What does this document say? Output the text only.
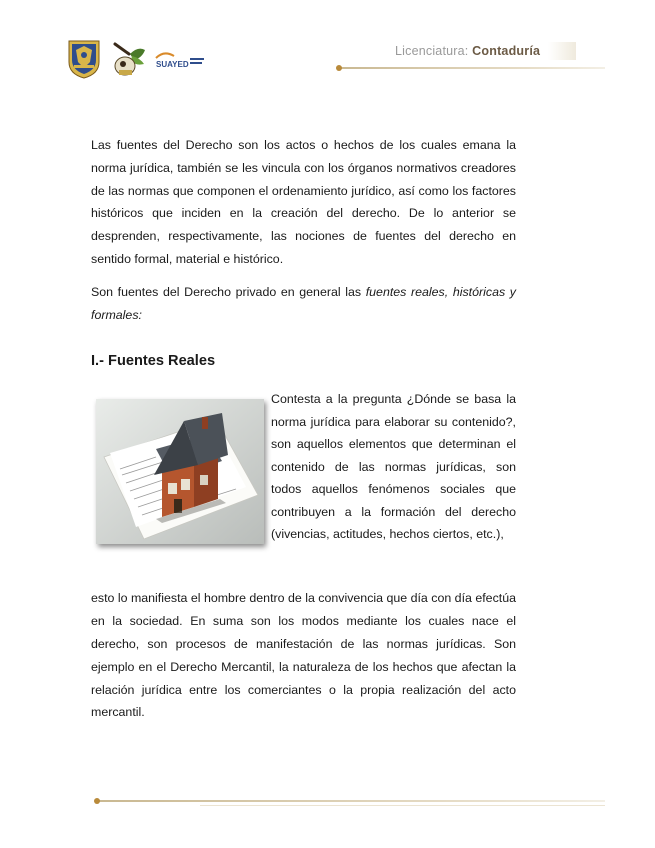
SUAYED
Licenciatura: Contaduría

Las fuentes del Derecho son los actos o hechos de los cuales emana la norma jurídica, también se les vincula con los órganos normativos creadores de las normas que componen el ordenamiento jurídico, así como los factores históricos que inciden en la creación del derecho. De lo anterior se desprenden, respectivamente, las nociones de fuentes del derecho en sentido formal, material e histórico.

Son fuentes del Derecho privado en general las fuentes reales, históricas y formales:

I.- Fuentes Reales

Contesta a la pregunta ¿Dónde se basa la norma jurídica para elaborar su contenido?, son aquellos elementos que determinan el contenido de las normas jurídicas, son todos aquellos fenómenos sociales que contribuyen a la formación del derecho (vivencias, actitudes, hechos ciertos, etc.),

esto lo manifiesta el hombre dentro de la convivencia que día con día efectúa en la sociedad. En suma son los modos mediante los cuales nace el derecho, son procesos de manifestación de las normas jurídicas. Son ejemplo en el Derecho Mercantil, la naturaleza de los hechos que afectan la relación jurídica entre los comerciantes o la propia realización del acto mercantil.
